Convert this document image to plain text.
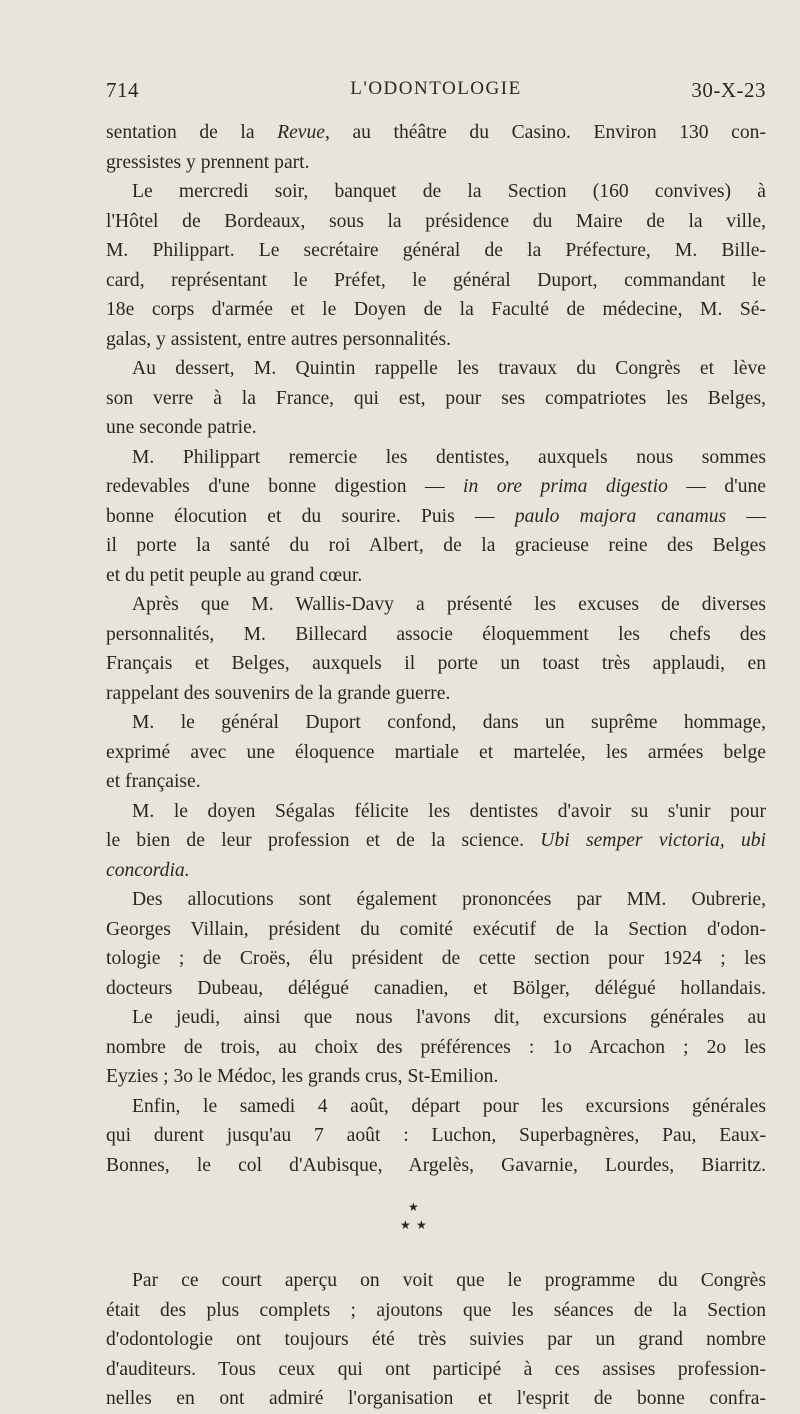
714	L'ODONTOLOGIE	30-X-23
sentation de la Revue, au théâtre du Casino. Environ 130 con-
gressistes y prennent part.
Le mercredi soir, banquet de la Section (160 convives) à
l'Hôtel de Bordeaux, sous la présidence du Maire de la ville,
M. Philippart. Le secrétaire général de la Préfecture, M. Bille-
card, représentant le Préfet, le général Duport, commandant le
18e corps d'armée et le Doyen de la Faculté de médecine, M. Sé-
galas, y assistent, entre autres personnalités.
Au dessert, M. Quintin rappelle les travaux du Congrès et lève
son verre à la France, qui est, pour ses compatriotes les Belges,
une seconde patrie.
M. Philippart remercie les dentistes, auxquels nous sommes
redevables d'une bonne digestion — in ore prima digestio — d'une
bonne élocution et du sourire. Puis — paulo majora canamus —
il porte la santé du roi Albert, de la gracieuse reine des Belges
et du petit peuple au grand cœur.
Après que M. Wallis-Davy a présenté les excuses de diverses
personnalités, M. Billecard associe éloquemment les chefs des
Français et Belges, auxquels il porte un toast très applaudi, en
rappelant des souvenirs de la grande guerre.
M. le général Duport confond, dans un suprême hommage,
exprimé avec une éloquence martiale et martelée, les armées belge
et française.
M. le doyen Ségalas félicite les dentistes d'avoir su s'unir pour
le bien de leur profession et de la science. Ubi semper victoria, ubi
concordia.
Des allocutions sont également prononcées par MM. Oubrerie,
Georges Villain, président du comité exécutif de la Section d'odon-
tologie ; de Croës, élu président de cette section pour 1924 ; les
docteurs Dubeau, délégué canadien, et Bölger, délégué hollandais.
Le jeudi, ainsi que nous l'avons dit, excursions générales au
nombre de trois, au choix des préférences : 1o Arcachon ; 2o les
Eyzies ; 3o le Médoc, les grands crus, St-Emilion.
Enfin, le samedi 4 août, départ pour les excursions générales
qui durent jusqu'au 7 août : Luchon, Superbagnères, Pau, Eaux-
Bonnes, le col d'Aubisque, Argelès, Gavarnie, Lourdes, Biarritz.
★
★ ★
Par ce court aperçu on voit que le programme du Congrès
était des plus complets ; ajoutons que les séances de la Section
d'odontologie ont toujours été très suivies par un grand nombre
d'auditeurs. Tous ceux qui ont participé à ces assises profession-
nelles en ont admiré l'organisation et l'esprit de bonne confra-
